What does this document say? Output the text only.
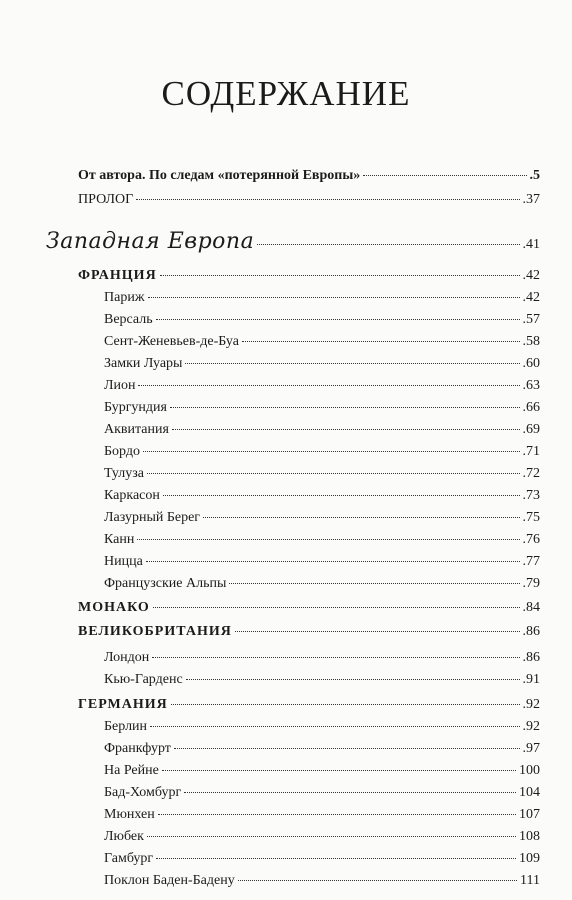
СОДЕРЖАНИЕ
От автора. По следам «потерянной Европы»	.5
ПРОЛОГ	.37
Западная Европа	.41
ФРАНЦИЯ	.42
Париж	.42
Версаль	.57
Сент-Женевьев-де-Буа	.58
Замки Луары	.60
Лион	.63
Бургундия	.66
Аквитания	.69
Бордо	.71
Тулуза	.72
Каркасон	.73
Лазурный Берег	.75
Канн	.76
Ницца	.77
Французские Альпы	.79
МОНАКО	.84
ВЕЛИКОБРИТАНИЯ	.86
Лондон	.86
Кью-Гарденс	.91
ГЕРМАНИЯ	.92
Берлин	.92
Франкфурт	.97
На Рейне	100
Бад-Хомбург	104
Мюнхен	107
Любек	108
Гамбург	109
Поклон Баден-Бадену	111
